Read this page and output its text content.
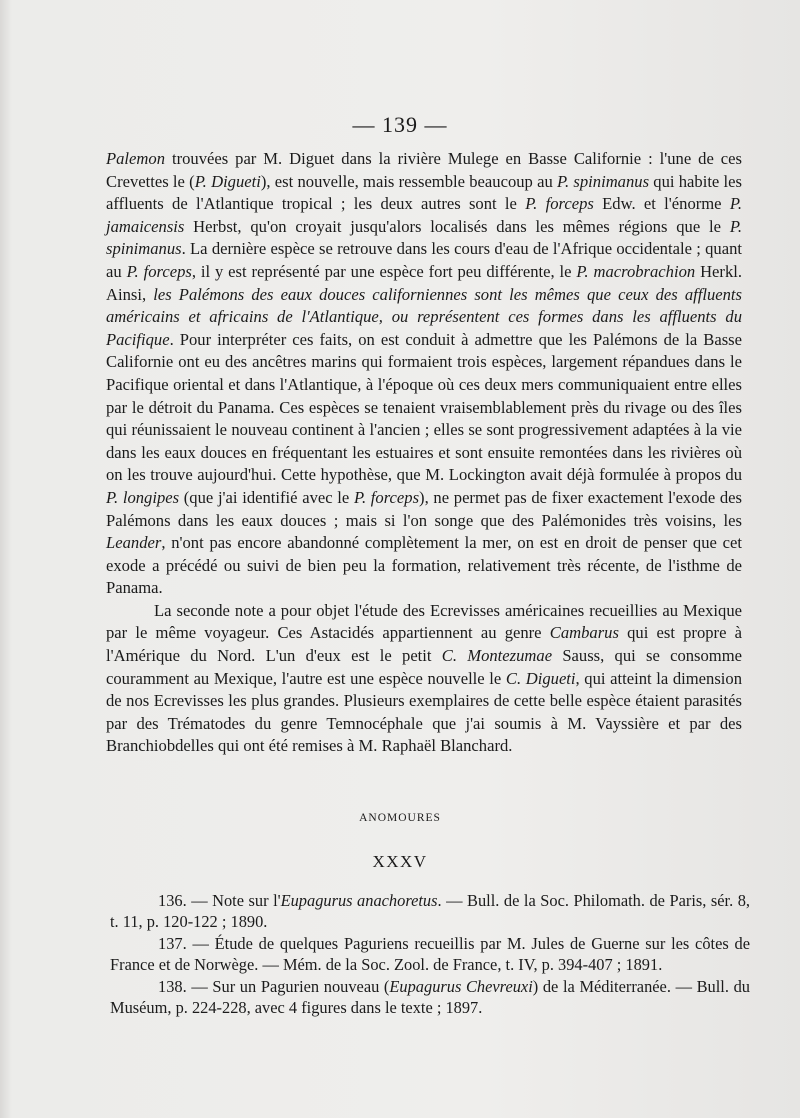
— 139 —

Palemon trouvées par M. Diguet dans la rivière Mulege en Basse Californie : l'une de ces Crevettes le (P. Digueti), est nouvelle, mais ressemble beaucoup au P. spinimanus qui habite les affluents de l'Atlantique tropical ; les deux autres sont le P. forceps Edw. et l'énorme P. jamaicensis Herbst, qu'on croyait jusqu'alors localisés dans les mêmes régions que le P. spinimanus. La dernière espèce se retrouve dans les cours d'eau de l'Afrique occidentale ; quant au P. forceps, il y est représenté par une espèce fort peu différente, le P. macrobrachion Herkl. Ainsi, les Palémons des eaux douces californiennes sont les mêmes que ceux des affluents américains et africains de l'Atlantique, ou représentent ces formes dans les affluents du Pacifique. Pour interpréter ces faits, on est conduit à admettre que les Palémons de la Basse Californie ont eu des ancêtres marins qui formaient trois espèces, largement répandues dans le Pacifique oriental et dans l'Atlantique, à l'époque où ces deux mers communiquaient entre elles par le détroit du Panama. Ces espèces se tenaient vraisemblablement près du rivage ou des îles qui réunissaient le nouveau continent à l'ancien ; elles se sont progressivement adaptées à la vie dans les eaux douces en fréquentant les estuaires et sont ensuite remontées dans les rivières où on les trouve aujourd'hui. Cette hypothèse, que M. Lockington avait déjà formulée à propos du P. longipes (que j'ai identifié avec le P. forceps), ne permet pas de fixer exactement l'exode des Palémons dans les eaux douces ; mais si l'on songe que des Palémonides très voisins, les Leander, n'ont pas encore abandonné complètement la mer, on est en droit de penser que cet exode a précédé ou suivi de bien peu la formation, relativement très récente, de l'isthme de Panama.

La seconde note a pour objet l'étude des Ecrevisses américaines recueillies au Mexique par le même voyageur. Ces Astacidés appartiennent au genre Cambarus qui est propre à l'Amérique du Nord. L'un d'eux est le petit C. Montezumae Sauss, qui se consomme couramment au Mexique, l'autre est une espèce nouvelle le C. Digueti, qui atteint la dimension de nos Ecrevisses les plus grandes. Plusieurs exemplaires de cette belle espèce étaient parasités par des Trématodes du genre Temnocéphale que j'ai soumis à M. Vayssière et par des Branchiobdelles qui ont été remises à M. Raphaël Blanchard.

ANOMOURES
XXXV

136. — Note sur l'Eupagurus anachoretus. — Bull. de la Soc. Philomath. de Paris, sér. 8, t. 11, p. 120-122 ; 1890.

137. — Étude de quelques Paguriens recueillis par M. Jules de Guerne sur les côtes de France et de Norwège. — Mém. de la Soc. Zool. de France, t. IV, p. 394-407 ; 1891.

138. — Sur un Pagurien nouveau (Eupagurus Chevreuxi) de la Méditerranée. — Bull. du Muséum, p. 224-228, avec 4 figures dans le texte ; 1897.
